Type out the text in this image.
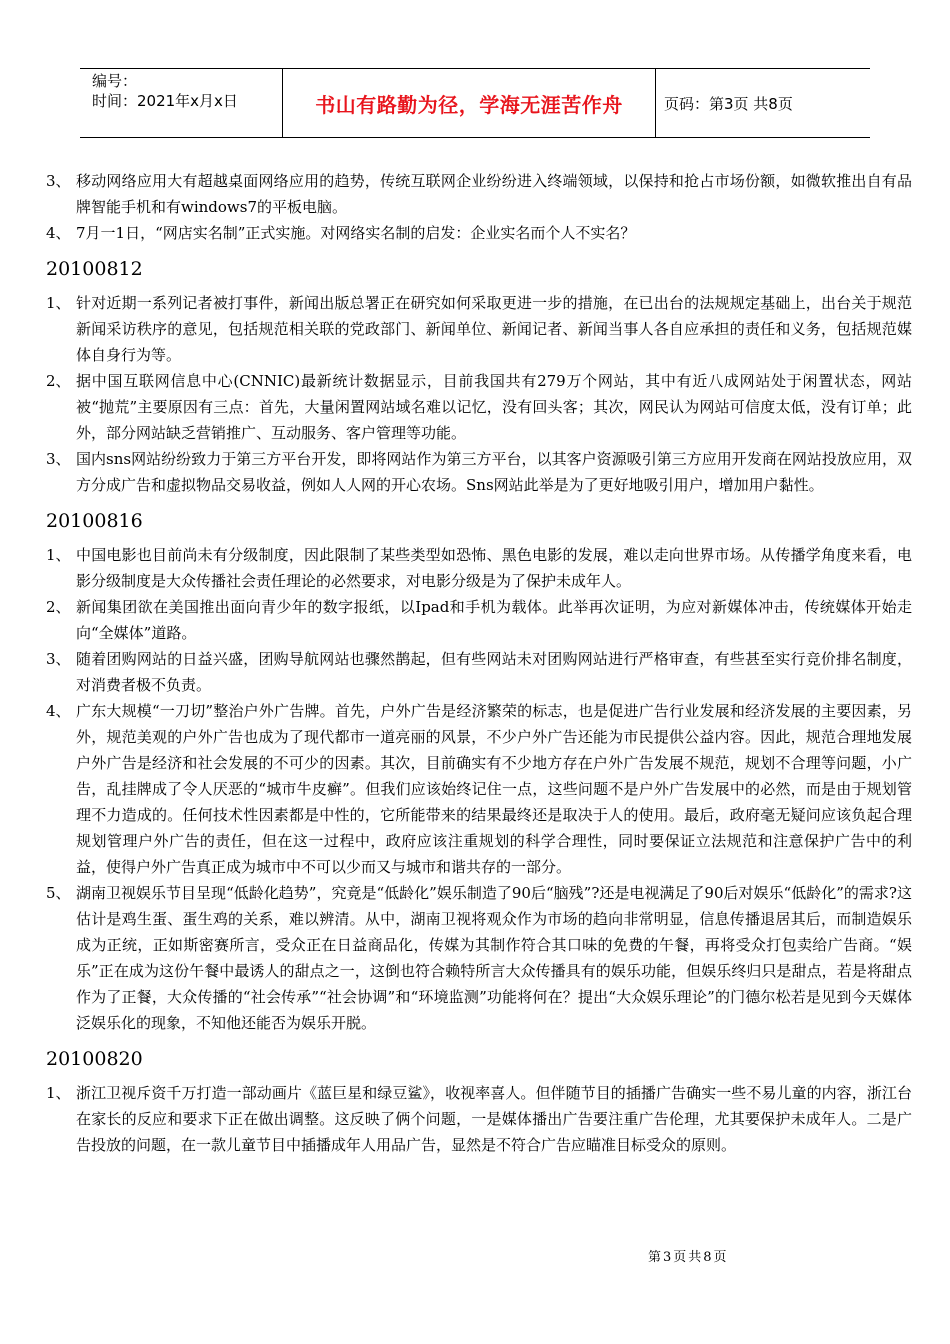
编号：
时间：2021年x月x日	书山有路勤为径，学海无涯苦作舟	页码：第3页 共8页
3、 移动网络应用大有超越桌面网络应用的趋势，传统互联网企业纷纷进入终端领域，以保持和抢占市场份额，如微软推出自有品牌智能手机和有windows7的平板电脑。
4、 7月一1日，“网店实名制”正式实施。对网络实名制的启发：企业实名而个人不实名？
20100812
1、 针对近期一系列记者被打事件，新闻出版总署正在研究如何采取更进一步的措施，在已出台的法规规定基础上，出台关于规范新闻采访秩序的意见，包括规范相关联的党政部门、新闻单位、新闻记者、新闻当事人各自应承担的责任和义务，包括规范媒体自身行为等。
2、 据中国互联网信息中心(CNNIC)最新统计数据显示，目前我国共有279万个网站，其中有近八成网站处于闲置状态，网站被“抛荒”主要原因有三点：首先，大量闲置网站域名难以记忆，没有回头客；其次，网民认为网站可信度太低，没有订单；此外，部分网站缺乏营销推广、互动服务、客户管理等功能。
3、 国内sns网站纷纷致力于第三方平台开发，即将网站作为第三方平台，以其客户资源吸引第三方应用开发商在网站投放应用，双方分成广告和虚拟物品交易收益，例如人人网的开心农场。Sns网站此举是为了更好地吸引用户，增加用户黏性。
20100816
1、 中国电影也目前尚未有分级制度，因此限制了某些类型如恐怖、黑色电影的发展，难以走向世界市场。从传播学角度来看，电影分级制度是大众传播社会责任理论的必然要求，对电影分级是为了保护未成年人。
2、 新闻集团欲在美国推出面向青少年的数字报纸，以Ipad和手机为载体。此举再次证明，为应对新媒体冲击，传统媒体开始走向“全媒体”道路。
3、 随着团购网站的日益兴盛，团购导航网站也骤然鹊起，但有些网站未对团购网站进行严格审查，有些甚至实行竞价排名制度，对消费者极不负责。
4、 广东大规模“一刀切”整治户外广告牌。首先，户外广告是经济繁荣的标志，也是促进广告行业发展和经济发展的主要因素，另外，规范美观的户外广告也成为了现代都市一道亮丽的风景，不少户外广告还能为市民提供公益内容。因此，规范合理地发展户外广告是经济和社会发展的不可少的因素。其次，目前确实有不少地方存在户外广告发展不规范，规划不合理等问题，小广告，乱挂牌成了令人厌恶的“城市牛皮癣”。但我们应该始终记住一点，这些问题不是户外广告发展中的必然，而是由于规划管理不力造成的。任何技术性因素都是中性的，它所能带来的结果最终还是取决于人的使用。最后，政府毫无疑问应该负起合理规划管理户外广告的责任，但在这一过程中，政府应该注重规划的科学合理性，同时要保证立法规范和注意保护广告中的利益，使得户外广告真正成为城市中不可以少而又与城市和谐共存的一部分。
5、 湖南卫视娱乐节目呈现“低龄化趋势”，究竟是“低龄化”娱乐制造了90后“脑残”?还是电视满足了90后对娱乐“低龄化”的需求?这估计是鸡生蛋、蛋生鸡的关系，难以辨清。从中，湖南卫视将观众作为市场的趋向非常明显，信息传播退居其后，而制造娱乐成为正统，正如斯密赛所言，受众正在日益商品化，传媒为其制作符合其口味的免费的午餐，再将受众打包卖给广告商。“娱乐”正在成为这份午餐中最诱人的甜点之一，这倒也符合赖特所言大众传播具有的娱乐功能，但娱乐终归只是甜点，若是将甜点作为了正餐，大众传播的“社会传承”“社会协调”和“环境监测”功能将何在？提出“大众娱乐理论”的门德尔松若是见到今天媒体泛娱乐化的现象，不知他还能否为娱乐开脱。
20100820
1、 浙江卫视斥资千万打造一部动画片《蓝巨星和绿豆鲨》，收视率喜人。但伴随节目的插播广告确实一些不易儿童的内容，浙江台在家长的反应和要求下正在做出调整。这反映了俩个问题，一是媒体播出广告要注重广告伦理，尤其要保护未成年人。二是广告投放的问题，在一款儿童节目中插播成年人用品广告，显然是不符合广告应瞄准目标受众的原则。
第3页共8页
